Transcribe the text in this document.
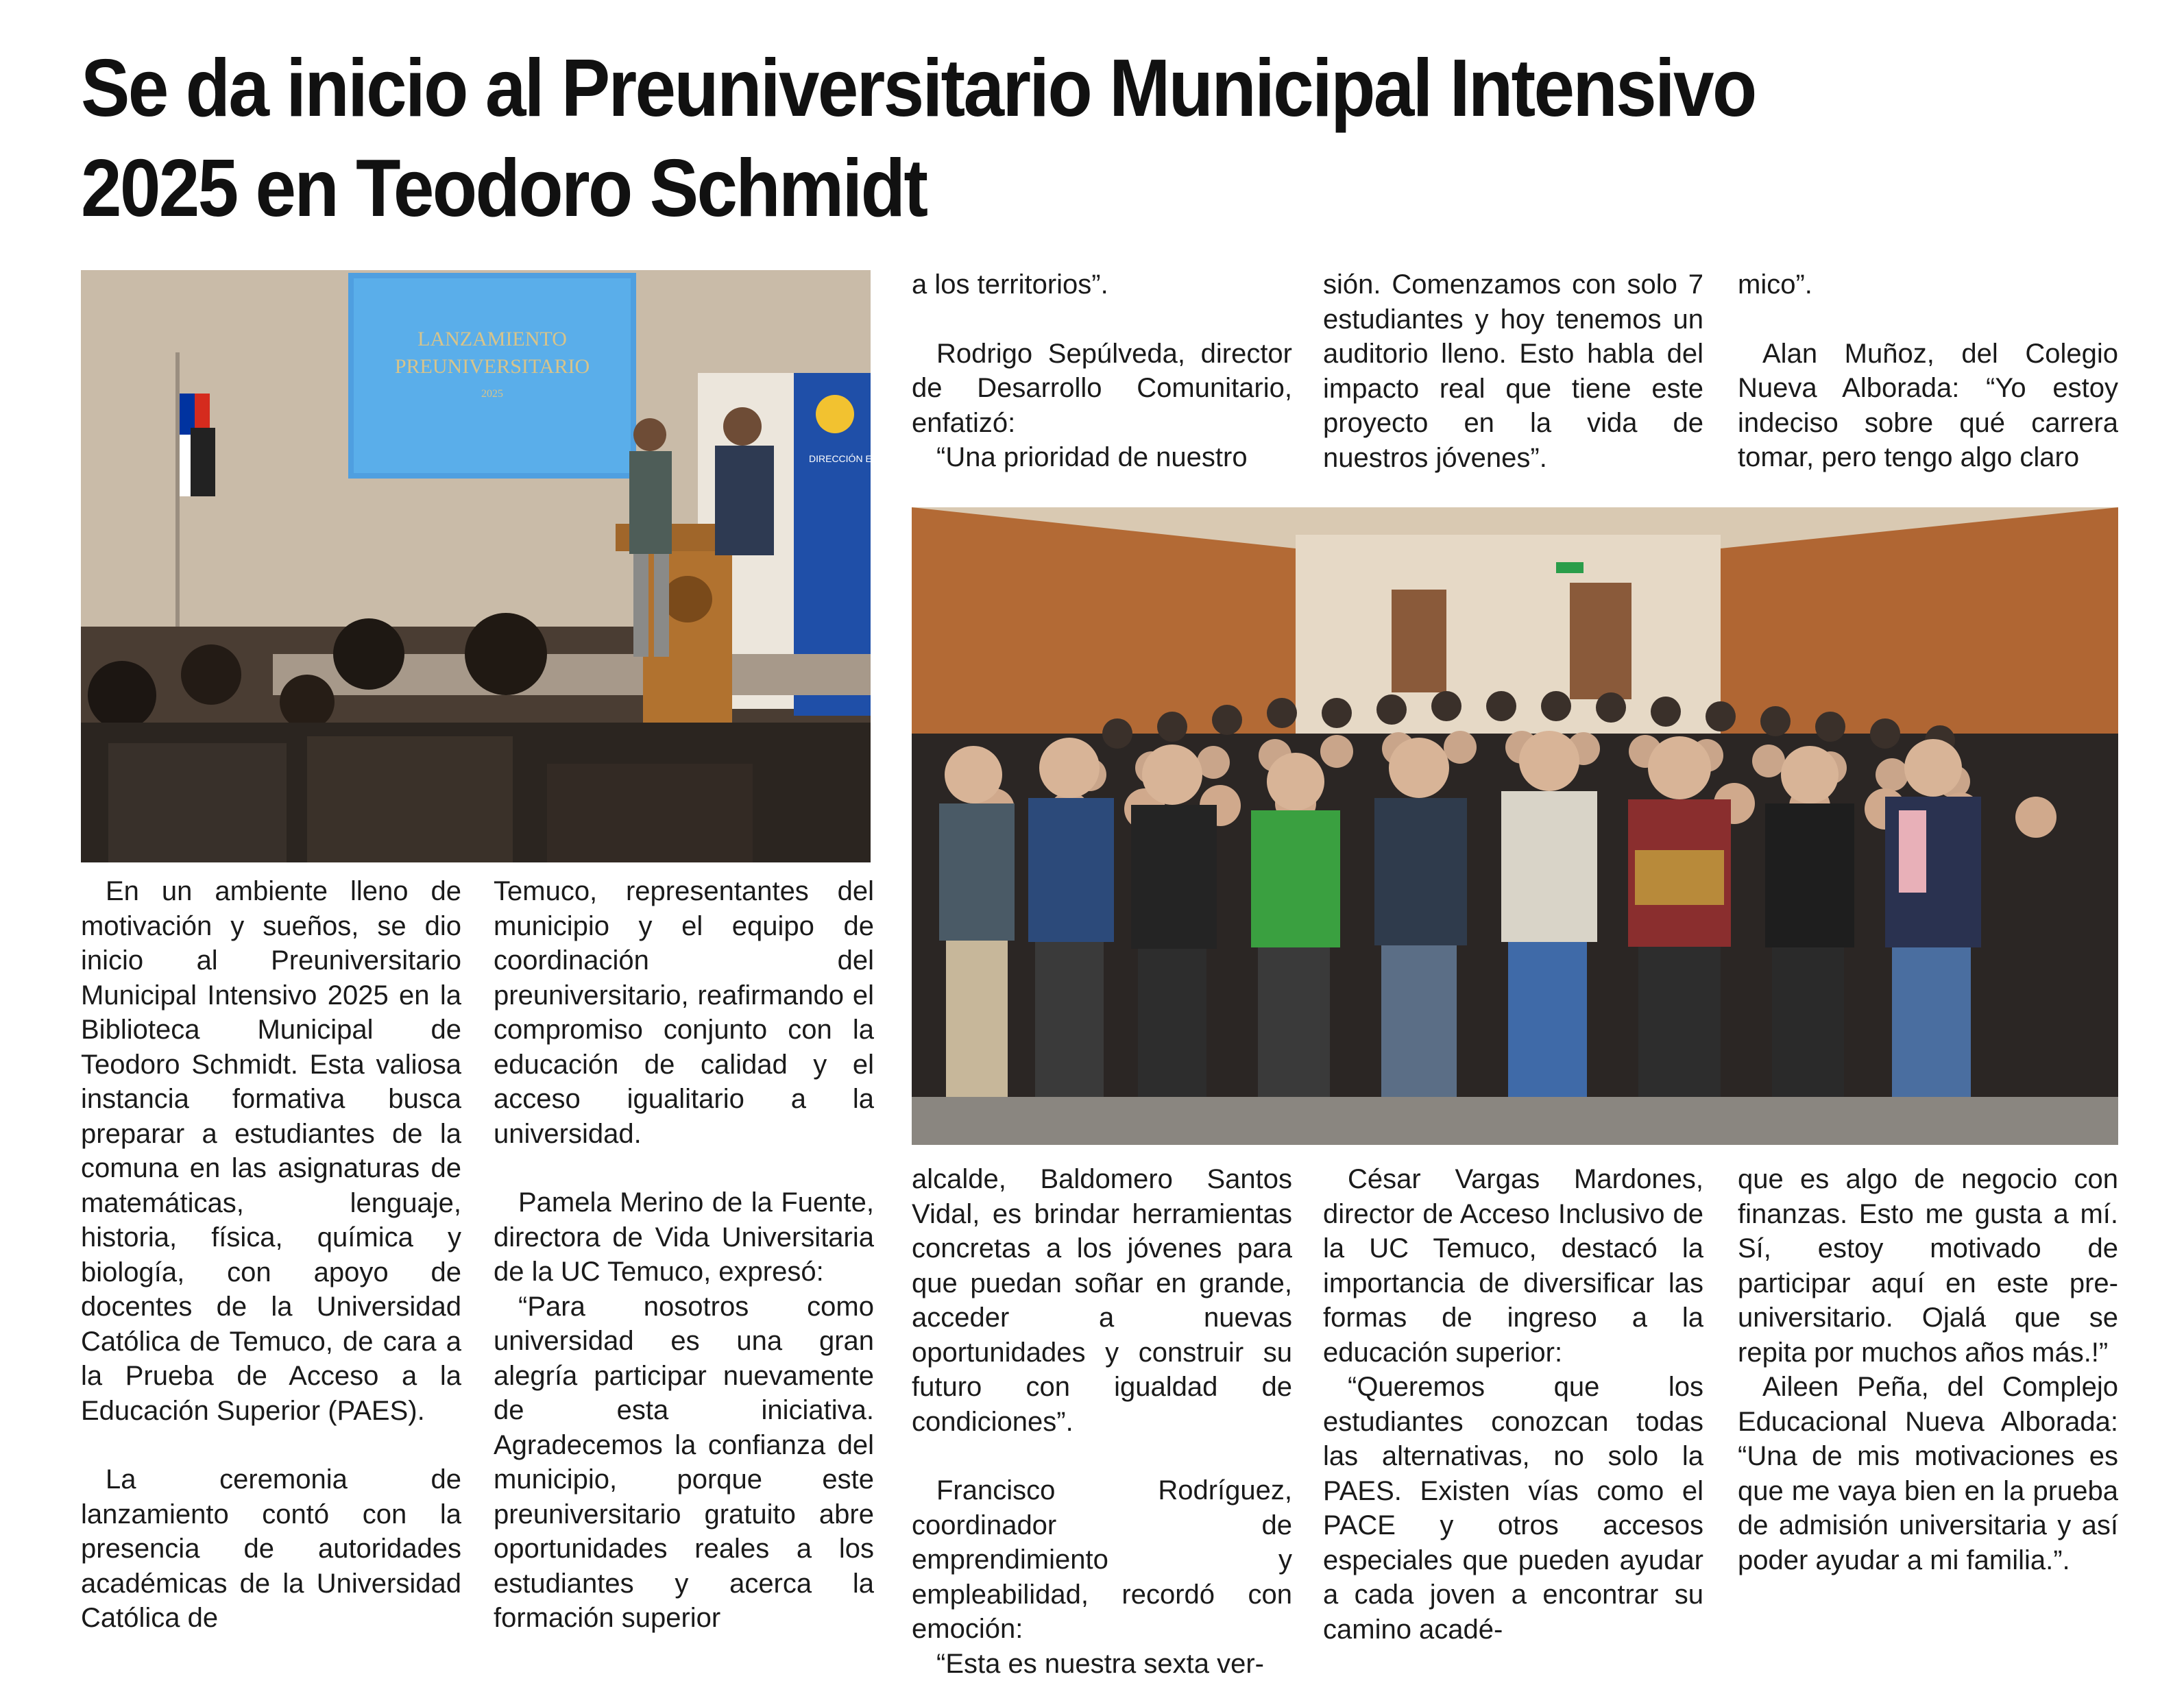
Se da inicio al Preuniversitario Municipal Intensivo 2025 en Teodoro Schmidt
LANZAMIENTO
PREUNIVERSITARIO
2025
DIRECCIÓN ESTU

En un ambiente lleno de motivación y sueños, se dio inicio al Preuniversitario Municipal Intensivo 2025 en la Biblioteca Municipal de Teodoro Schmidt. Esta valiosa instancia formativa busca preparar a estudiantes de la comuna en las asignaturas de matemáticas, lenguaje, historia, física, química y biología, con apoyo de docentes de la Universidad Católica de Temuco, de cara a la Prueba de Acceso a la Educación Superior (PAES).

La ceremonia de lanzamiento contó con la presencia de autoridades académicas de la Universidad Católica de

Temuco, representantes del municipio y el equipo de coordinación del preuniversitario, reafirmando el compromiso conjunto con la educación de calidad y el acceso igualitario a la universidad.

Pamela Merino de la Fuente, directora de Vida Universitaria de la UC Temuco, expresó:

“Para nosotros como universidad es una gran alegría participar nuevamente de esta iniciativa. Agradecemos la confianza del municipio, porque este preuniversitario gratuito abre oportunidades reales a los estudiantes y acerca la formación superior

a los territorios”.

Rodrigo Sepúlveda, director de Desarrollo Comunitario, enfatizó:

“Una prioridad de nuestro

sión. Comenzamos con solo 7 estudiantes y hoy tenemos un auditorio lleno. Esto habla del impacto real que tiene este proyecto en la vida de nuestros jóvenes”.

mico”.

Alan Muñoz, del Colegio Nueva Alborada: “Yo estoy indeciso sobre qué carrera tomar, pero tengo algo claro

alcalde, Baldomero Santos Vidal, es brindar herramientas concretas a los jóvenes para que puedan soñar en grande, acceder a nuevas oportunidades y construir su futuro con igualdad de condiciones”.

Francisco Rodríguez, coordinador de emprendimiento y empleabilidad, recordó con emoción:

“Esta es nuestra sexta ver-

César Vargas Mardones, director de Acceso Inclusivo de la UC Temuco, destacó la importancia de diversificar las formas de ingreso a la educación superior:

“Queremos que los estudiantes conozcan todas las alternativas, no solo la PAES. Existen vías como el PACE y otros accesos especiales que pueden ayudar a cada joven a encontrar su camino acadé-

que es algo de negocio con finanzas. Esto me gusta a mí. Sí, estoy motivado de participar aquí en este pre-universitario. Ojalá que se repita por muchos años más.!”

Aileen Peña, del Complejo Educacional Nueva Alborada: “Una de mis motivaciones es que me vaya bien en la prueba de admisión universitaria y así poder ayudar a mi familia.”.
